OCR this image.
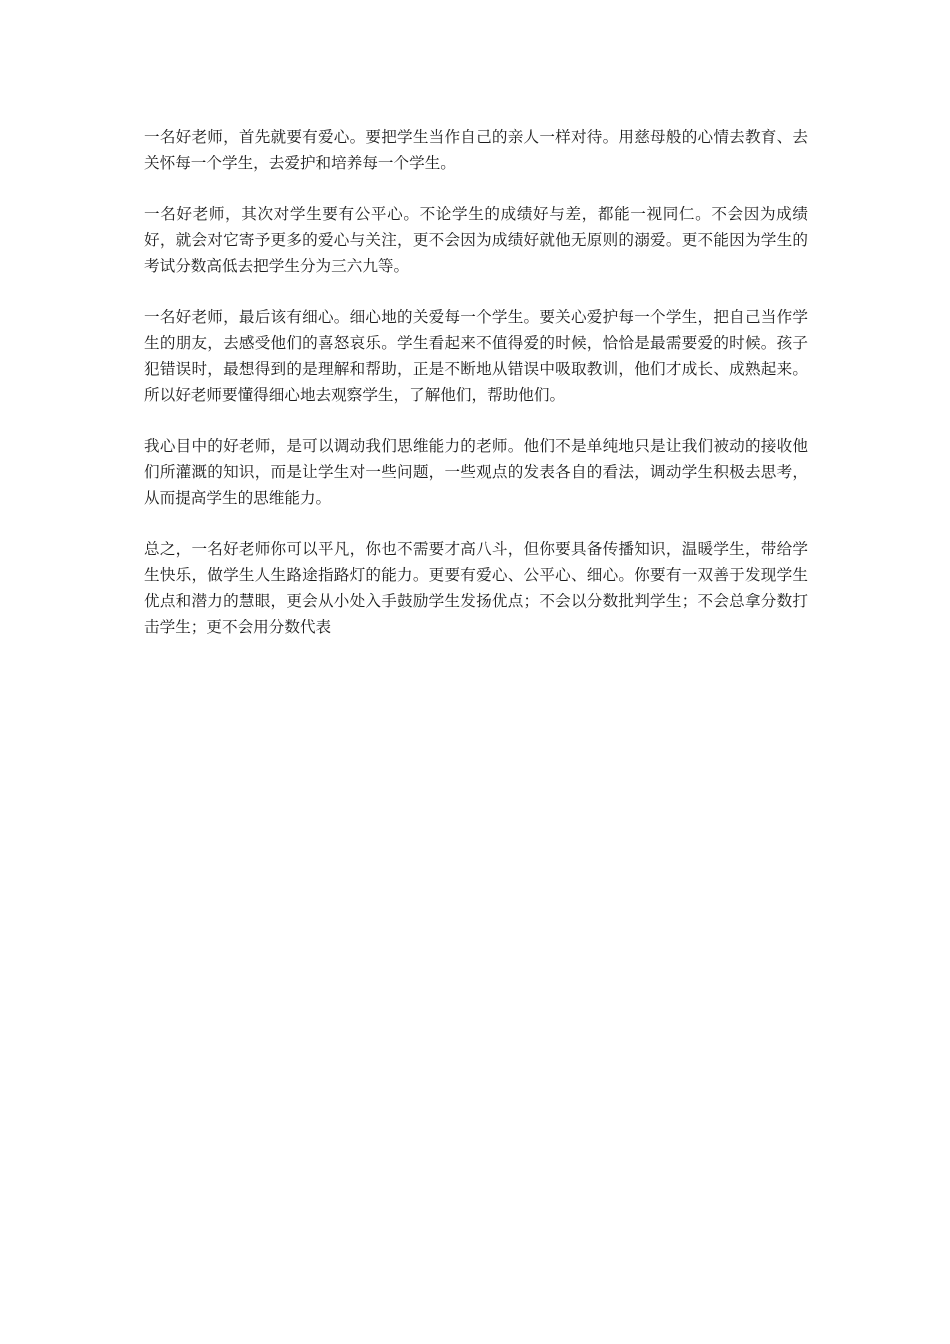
一名好老师，首先就要有爱心。要把学生当作自己的亲人一样对待。用慈母般的心情去教育、去关怀每一个学生，去爱护和培养每一个学生。

一名好老师，其次对学生要有公平心。不论学生的成绩好与差，都能一视同仁。不会因为成绩好，就会对它寄予更多的爱心与关注，更不会因为成绩好就他无原则的溺爱。更不能因为学生的考试分数高低去把学生分为三六九等。

一名好老师，最后该有细心。细心地的关爱每一个学生。要关心爱护每一个学生，把自己当作学生的朋友，去感受他们的喜怒哀乐。学生看起来不值得爱的时候，恰恰是最需要爱的时候。孩子犯错误时，最想得到的是理解和帮助，正是不断地从错误中吸取教训，他们才成长、成熟起来。所以好老师要懂得细心地去观察学生，了解他们，帮助他们。

我心目中的好老师，是可以调动我们思维能力的老师。他们不是单纯地只是让我们被动的接收他们所灌溉的知识，而是让学生对一些问题，一些观点的发表各自的看法，调动学生积极去思考，从而提高学生的思维能力。

总之，一名好老师你可以平凡，你也不需要才高八斗，但你要具备传播知识，温暖学生，带给学生快乐，做学生人生路途指路灯的能力。更要有爱心、公平心、细心。你要有一双善于发现学生优点和潜力的慧眼，更会从小处入手鼓励学生发扬优点；不会以分数批判学生；不会总拿分数打击学生；更不会用分数代表
